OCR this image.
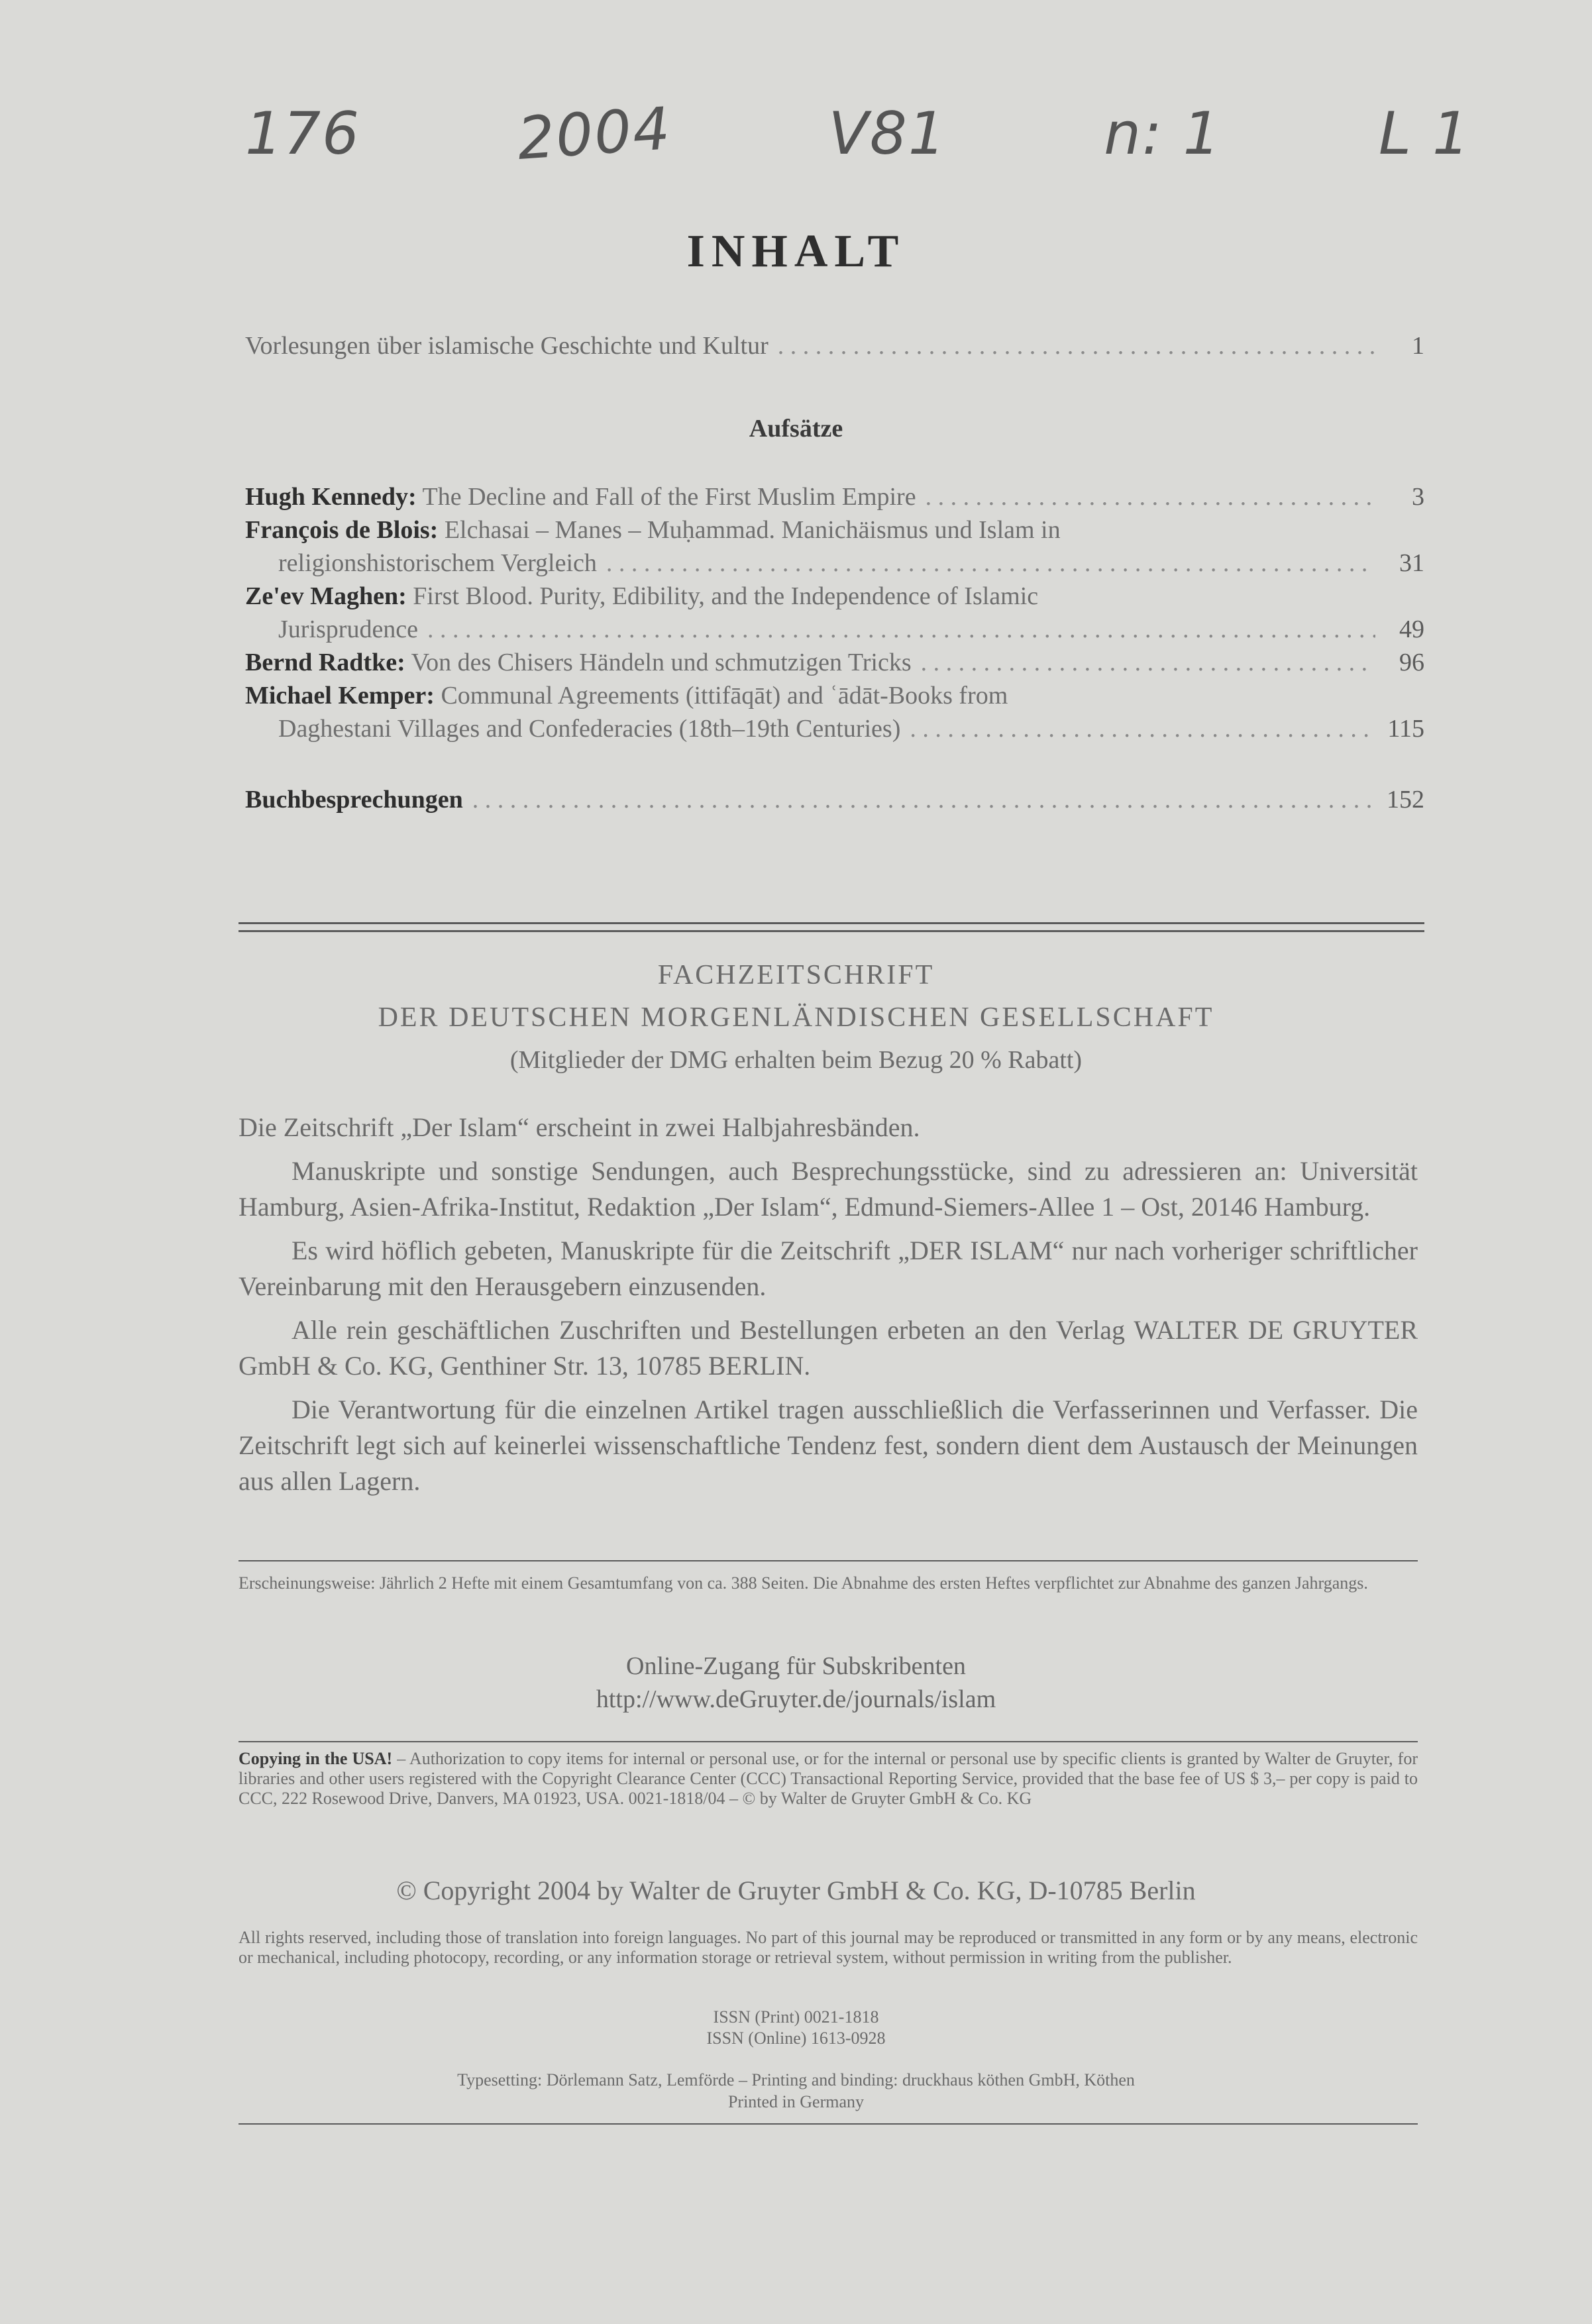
176	2004	V81	n: 1	L 1
INHALT
Vorlesungen über islamische Geschichte und Kultur . . .	1
Aufsätze
Hugh Kennedy: The Decline and Fall of the First Muslim Empire . . .	3
François de Blois: Elchasai – Manes – Muḥammad. Manichäismus und Islam in
religionshistorischem Vergleich . . .	31
Ze'ev Maghen: First Blood. Purity, Edibility, and the Independence of Islamic
Jurisprudence . . .	49
Bernd Radtke: Von des Chisers Händeln und schmutzigen Tricks . . .	96
Michael Kemper: Communal Agreements (ittifāqāt) and ʿādāt-Books from
Daghestani Villages and Confederacies (18th–19th Centuries) . . .	115
Buchbesprechungen . . .	152
FACHZEITSCHRIFT
DER DEUTSCHEN MORGENLÄNDISCHEN GESELLSCHAFT
(Mitglieder der DMG erhalten beim Bezug 20 % Rabatt)

Die Zeitschrift „Der Islam“ erscheint in zwei Halbjahresbänden.

Manuskripte und sonstige Sendungen, auch Besprechungsstücke, sind zu adressieren an: Universität Hamburg, Asien-Afrika-Institut, Redaktion „Der Islam“, Edmund-Siemers-Allee 1 – Ost, 20146 Hamburg.

Es wird höflich gebeten, Manuskripte für die Zeitschrift „DER ISLAM“ nur nach vorheriger schriftlicher Vereinbarung mit den Herausgebern einzusenden.

Alle rein geschäftlichen Zuschriften und Bestellungen erbeten an den Verlag WALTER DE GRUYTER GmbH & Co. KG, Genthiner Str. 13, 10785 BERLIN.

Die Verantwortung für die einzelnen Artikel tragen ausschließlich die Verfasserinnen und Verfasser. Die Zeitschrift legt sich auf keinerlei wissenschaftliche Tendenz fest, sondern dient dem Austausch der Meinungen aus allen Lagern.

Erscheinungsweise: Jährlich 2 Hefte mit einem Gesamtumfang von ca. 388 Seiten. Die Abnahme des ersten Heftes verpflichtet zur Abnahme des ganzen Jahrgangs.
Online-Zugang für Subskribenten
http://www.deGruyter.de/journals/islam
Copying in the USA! – Authorization to copy items for internal or personal use, or for the internal or personal use by specific clients is granted by Walter de Gruyter, for libraries and other users registered with the Copyright Clearance Center (CCC) Transactional Reporting Service, provided that the base fee of US $ 3,– per copy is paid to CCC, 222 Rosewood Drive, Danvers, MA 01923, USA. 0021-1818/04 – © by Walter de Gruyter GmbH & Co. KG
© Copyright 2004 by Walter de Gruyter GmbH & Co. KG, D-10785 Berlin
All rights reserved, including those of translation into foreign languages. No part of this journal may be reproduced or transmitted in any form or by any means, electronic or mechanical, including photocopy, recording, or any information storage or retrieval system, without permission in writing from the publisher.
ISSN (Print) 0021-1818
ISSN (Online) 1613-0928
Typesetting: Dörlemann Satz, Lemförde – Printing and binding: druckhaus köthen GmbH, Köthen
Printed in Germany
